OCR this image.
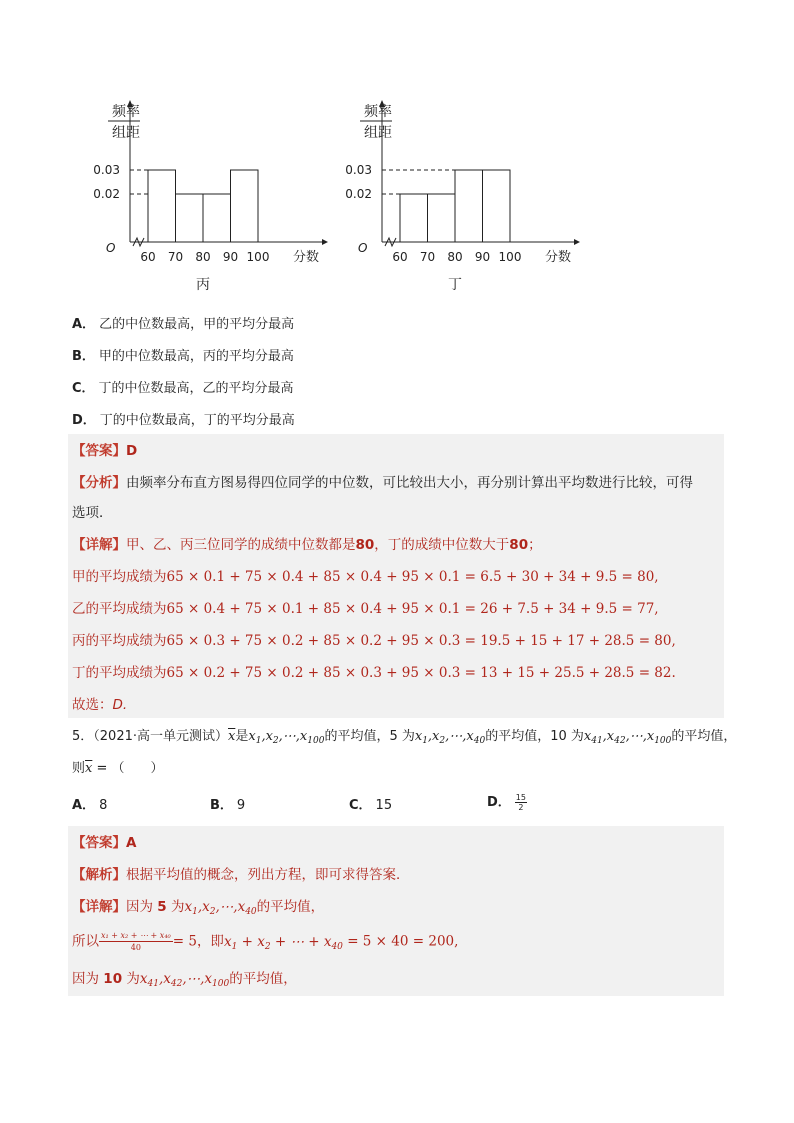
频率
组距
O
0.03
0.02
60 70 80 90 100 分数
丙
频率
组距
O
0.03
0.02
60 70 80 90 100 分数
丁
A． 乙的中位数最高，甲的平均分最高
B． 甲的中位数最高，丙的平均分最高
C． 丁的中位数最高，乙的平均分最高
D． 丁的中位数最高，丁的平均分最高
【答案】D
【分析】由频率分布直方图易得四位同学的中位数，可比较出大小，再分别计算出平均数进行比较，可得
选项．
【详解】甲、乙、丙三位同学的成绩中位数都是80，丁的成绩中位数大于80；
甲的平均成绩为65 × 0.1 + 75 × 0.4 + 85 × 0.4 + 95 × 0.1 = 6.5 + 30 + 34 + 9.5 = 80,
乙的平均成绩为65 × 0.4 + 75 × 0.1 + 85 × 0.4 + 95 × 0.1 = 26 + 7.5 + 34 + 9.5 = 77,
丙的平均成绩为65 × 0.3 + 75 × 0.2 + 85 × 0.2 + 95 × 0.3 = 19.5 + 15 + 17 + 28.5 = 80,
丁的平均成绩为65 × 0.2 + 75 × 0.2 + 85 × 0.3 + 95 × 0.3 = 13 + 15 + 25.5 + 28.5 = 82.
故选：D.
5．（2021·高一单元测试）$\overline{x}$是$x_1,x_2,\cdots,x_{100}$的平均值，5 为$x_1,x_2,\cdots,x_{40}$的平均值，10 为$x_{41},x_{42},\cdots,x_{100}$的平均值，
则$\overline{x}$ = （　　）
A． 8	B． 9	C． 15	D． $\frac{15}{2}$
【答案】A
【解析】根据平均值的概念，列出方程，即可求得答案．
【详解】因为 5 为$x_1,x_2,\cdots,x_{40}$的平均值，
所以 $\frac{\text{x₁ + x₂ + ⋯ + x₄₀}}{40} = 5$，即$x_1 + x_2$ + ⋯ + $x_{40} = 5 \times 40 = 200$,
因为 10 为$x_{41},x_{42},\cdots,x_{100}$的平均值，
